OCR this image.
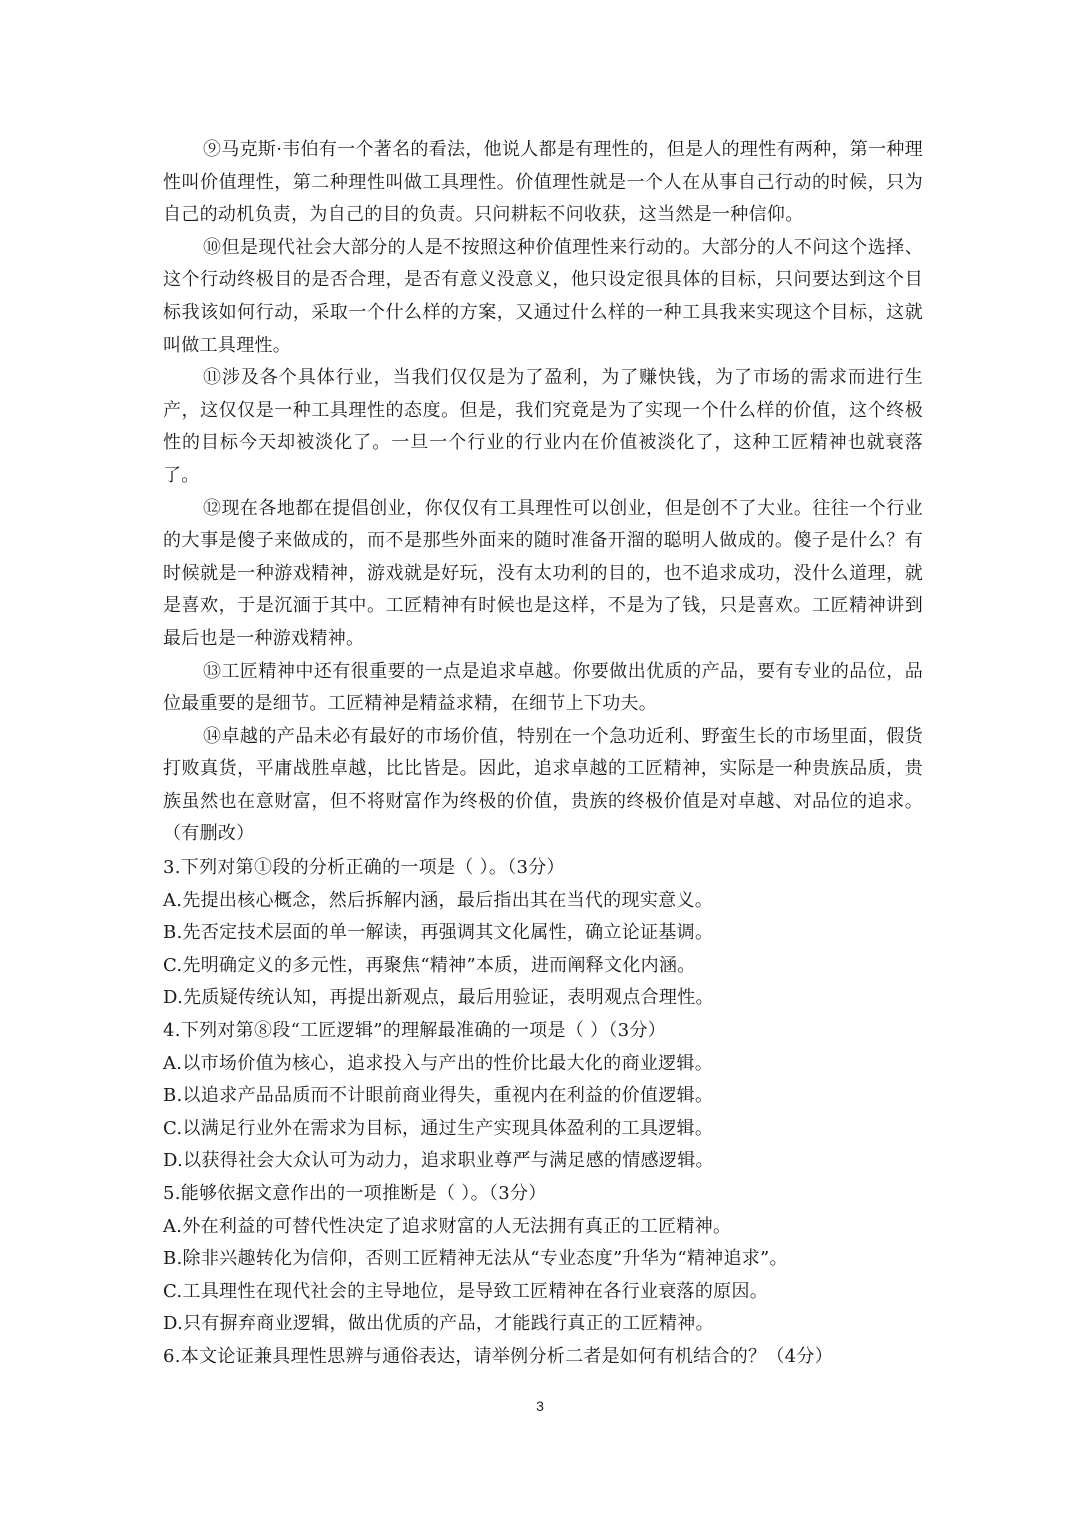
⑨马克斯·韦伯有一个著名的看法，他说人都是有理性的，但是人的理性有两种，第一种理性叫价值理性，第二种理性叫做工具理性。价值理性就是一个人在从事自己行动的时候，只为自己的动机负责，为自己的目的负责。只问耕耘不问收获，这当然是一种信仰。

⑩但是现代社会大部分的人是不按照这种价值理性来行动的。大部分的人不问这个选择、这个行动终极目的是否合理，是否有意义没意义，他只设定很具体的目标，只问要达到这个目标我该如何行动，采取一个什么样的方案，又通过什么样的一种工具我来实现这个目标，这就叫做工具理性。

⑪涉及各个具体行业，当我们仅仅是为了盈利，为了赚快钱，为了市场的需求而进行生产，这仅仅是一种工具理性的态度。但是，我们究竟是为了实现一个什么样的价值，这个终极性的目标今天却被淡化了。一旦一个行业的行业内在价值被淡化了，这种工匠精神也就衰落了。

⑫现在各地都在提倡创业，你仅仅有工具理性可以创业，但是创不了大业。往往一个行业的大事是傻子来做成的，而不是那些外面来的随时准备开溜的聪明人做成的。傻子是什么？有时候就是一种游戏精神，游戏就是好玩，没有太功利的目的，也不追求成功，没什么道理，就是喜欢，于是沉湎于其中。工匠精神有时候也是这样，不是为了钱，只是喜欢。工匠精神讲到最后也是一种游戏精神。

⑬工匠精神中还有很重要的一点是追求卓越。你要做出优质的产品，要有专业的品位，品位最重要的是细节。工匠精神是精益求精，在细节上下功夫。

⑭卓越的产品未必有最好的市场价值，特别在一个急功近利、野蛮生长的市场里面，假货打败真货，平庸战胜卓越，比比皆是。因此，追求卓越的工匠精神，实际是一种贵族品质，贵族虽然也在意财富，但不将财富作为终极的价值，贵族的终极价值是对卓越、对品位的追求。（有删改）

3.下列对第①段的分析正确的一项是（ ）。（3分）

A.先提出核心概念，然后拆解内涵，最后指出其在当代的现实意义。

B.先否定技术层面的单一解读，再强调其文化属性，确立论证基调。

C.先明确定义的多元性，再聚焦“精神”本质，进而阐释文化内涵。

D.先质疑传统认知，再提出新观点，最后用验证，表明观点合理性。

4.下列对第⑧段“工匠逻辑”的理解最准确的一项是（ ）（3分）

A.以市场价值为核心，追求投入与产出的性价比最大化的商业逻辑。

B.以追求产品品质而不计眼前商业得失，重视内在利益的价值逻辑。

C.以满足行业外在需求为目标，通过生产实现具体盈利的工具逻辑。

D.以获得社会大众认可为动力，追求职业尊严与满足感的情感逻辑。

5.能够依据文意作出的一项推断是（ ）。（3分）

A.外在利益的可替代性决定了追求财富的人无法拥有真正的工匠精神。

B.除非兴趣转化为信仰，否则工匠精神无法从“专业态度”升华为“精神追求”。

C.工具理性在现代社会的主导地位，是导致工匠精神在各行业衰落的原因。

D.只有摒弃商业逻辑，做出优质的产品，才能践行真正的工匠精神。

6.本文论证兼具理性思辨与通俗表达，请举例分析二者是如何有机结合的？（4分）

3
